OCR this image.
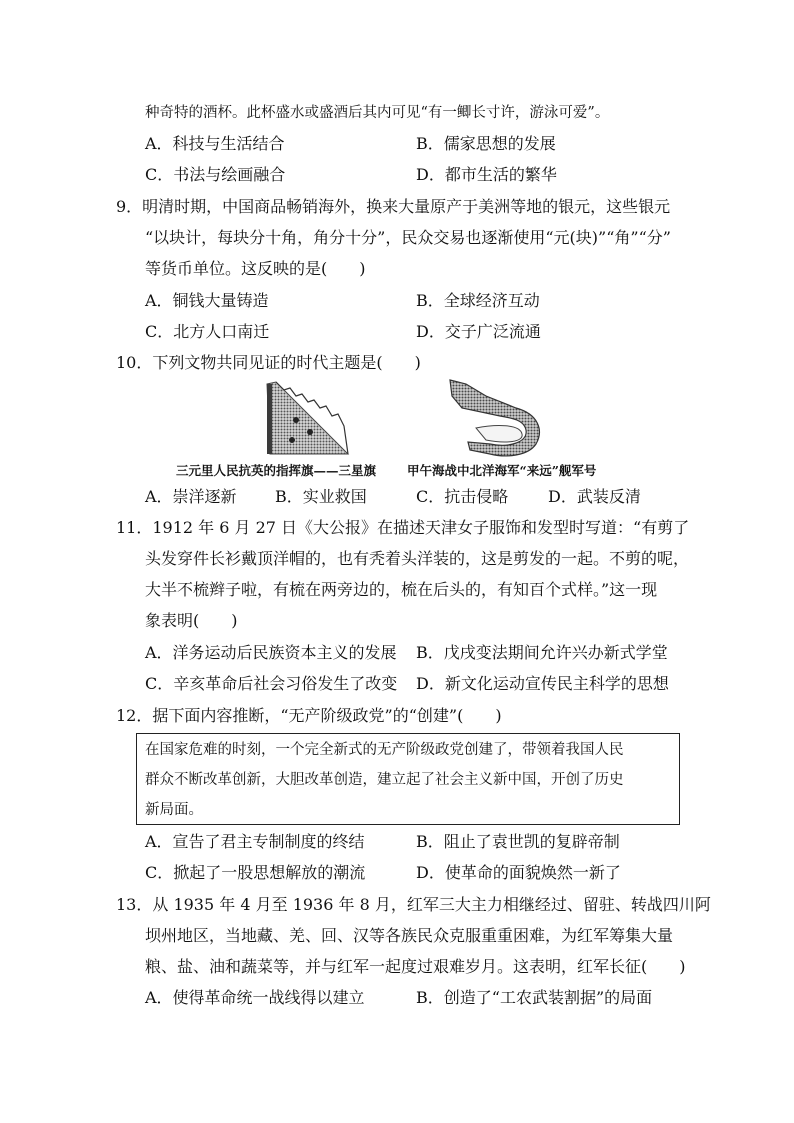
种奇特的酒杯。此杯盛水或盛酒后其内可见“有一鲫长寸许，游泳可爱”。
A．科技与生活结合	B．儒家思想的发展
C．书法与绘画融合	D．都市生活的繁华
9．明清时期，中国商品畅销海外，换来大量原产于美洲等地的银元，这些银元
“以块计，每块分十角，角分十分”，民众交易也逐渐使用“元(块)”“角”“分”
等货币单位。这反映的是(　　)
A．铜钱大量铸造	B．全球经济互动
C．北方人口南迁	D．交子广泛流通
10．下列文物共同见证的时代主题是(　　)
三元里人民抗英的指挥旗——三星旗 甲午海战中北洋海军“来远”舰军号
A．崇洋逐新 B．实业救国	C．抗击侵略 D．武装反清
11．1912 年 6 月 27 日《大公报》在描述天津女子服饰和发型时写道：“有剪了
头发穿件长衫戴顶洋帽的，也有秃着头洋装的，这是剪发的一起。不剪的呢，
大半不梳辫子啦，有梳在两旁边的，梳在后头的，有知百个式样。”这一现
象表明(　　)
A．洋务运动后民族资本主义的发展 B．戊戌变法期间允许兴办新式学堂
C．辛亥革命后社会习俗发生了改变 D．新文化运动宣传民主科学的思想
12．据下面内容推断，“无产阶级政党”的“创建”(　　)
在国家危难的时刻，一个完全新式的无产阶级政党创建了，带领着我国人民
群众不断改革创新，大胆改革创造，建立起了社会主义新中国，开创了历史
新局面。
A．宣告了君主专制制度的终结	B．阻止了袁世凯的复辟帝制
C．掀起了一股思想解放的潮流	D．使革命的面貌焕然一新了
13．从 1935 年 4 月至 1936 年 8 月，红军三大主力相继经过、留驻、转战四川阿
坝州地区，当地藏、羌、回、汉等各族民众克服重重困难，为红军筹集大量
粮、盐、油和蔬菜等，并与红军一起度过艰难岁月。这表明，红军长征(　　)
A．使得革命统一战线得以建立	B．创造了“工农武装割据”的局面
